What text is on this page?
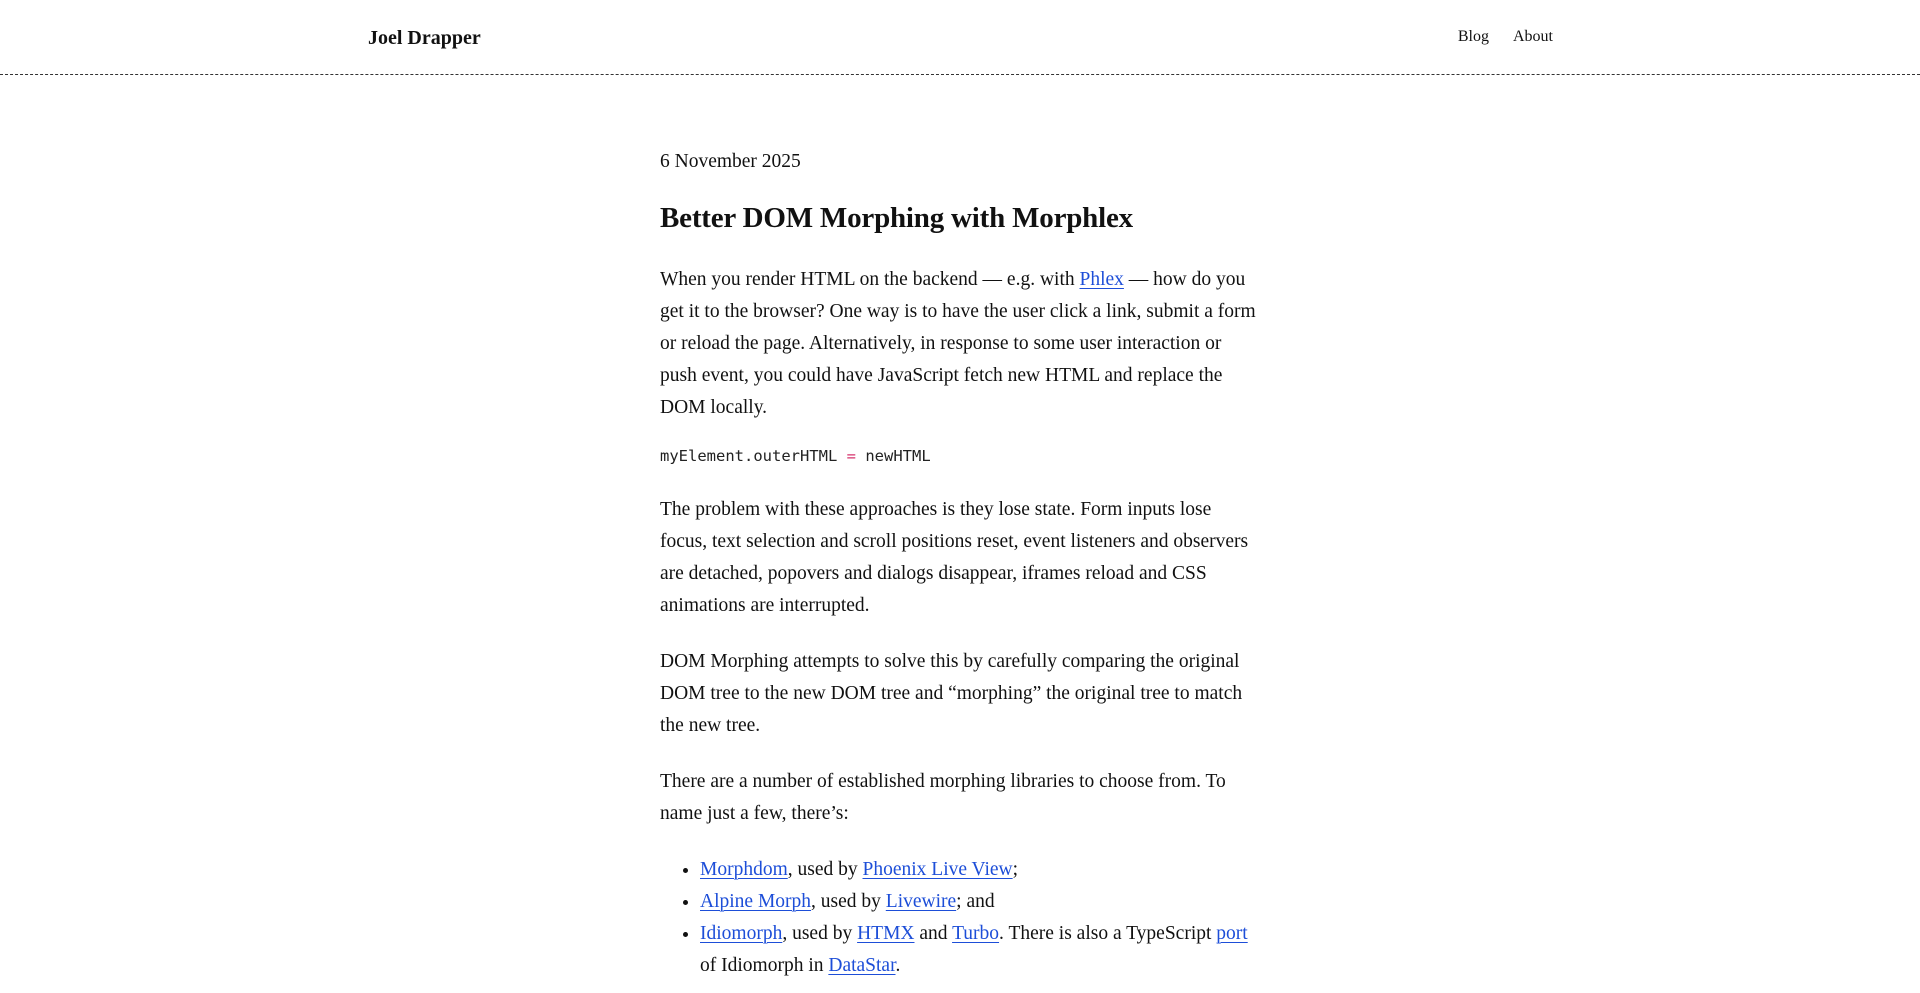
Joel Drapper	Blog About

6 November 2025

Better DOM Morphing with Morphlex

When you render HTML on the backend — e.g. with Phlex — how do you get it to the browser? One way is to have the user click a link, submit a form or reload the page. Alternatively, in response to some user interaction or push event, you could have JavaScript fetch new HTML and replace the DOM locally.

myElement.outerHTML = newHTML

The problem with these approaches is they lose state. Form inputs lose focus, text selection and scroll positions reset, event listeners and observers are detached, popovers and dialogs disappear, iframes reload and CSS animations are interrupted.

DOM Morphing attempts to solve this by carefully comparing the original DOM tree to the new DOM tree and “morphing” the original tree to match the new tree.

There are a number of established morphing libraries to choose from. To name just a few, there’s:

• Morphdom, used by Phoenix Live View;
• Alpine Morph, used by Livewire; and
• Idiomorph, used by HTMX and Turbo. There is also a TypeScript port of Idiomorph in DataStar.
